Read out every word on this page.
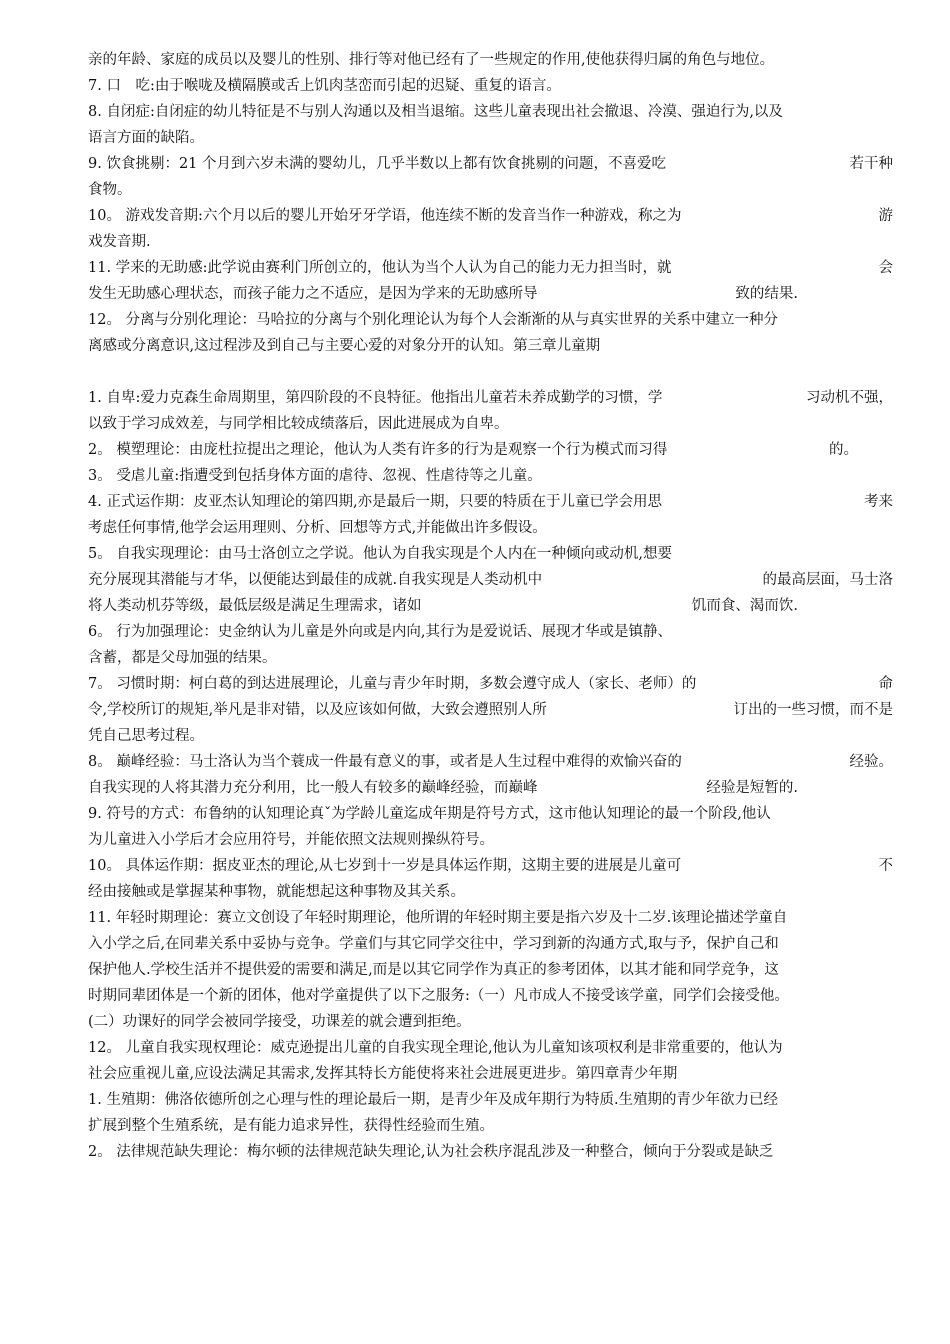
亲的年龄、家庭的成员以及婴儿的性别、排行等对他已经有了一些规定的作用,使他获得归属的角色与地位。
7. 口　吃:由于喉咙及横隔膜或舌上饥肉茎峦而引起的迟疑、重复的语言。
8. 自闭症:自闭症的幼儿特征是不与别人沟通以及相当退缩。这些儿童表现出社会撤退、冷漠、强迫行为,以及
语言方面的缺陷。
9. 饮食挑剔：21 个月到六岁未满的婴幼儿，几乎半数以上都有饮食挑剔的问题，不喜爱吃	若干种
食物。
10。 游戏发音期:六个月以后的婴儿开始牙牙学语，他连续不断的发音当作一种游戏，称之为	游
戏发音期.
11. 学来的无助感:此学说由赛利门所创立的，他认为当个人认为自己的能力无力担当时，就	会
发生无助感心理状态，而孩子能力之不适应，是因为学来的无助感所导	致的结果.
12。 分离与分别化理论：马哈拉的分离与个别化理论认为每个人会渐渐的从与真实世界的关系中建立一种分
离感或分离意识,这过程涉及到自己与主要心爱的对象分开的认知。第三章儿童期
1. 自卑:爱力克森生命周期里，第四阶段的不良特征。他指出儿童若未养成勤学的习惯，学	习动机不强，
以致于学习成效差，与同学相比较成绩落后，因此进展成为自卑。
2。 模塑理论：由庞杜拉提出之理论，他认为人类有许多的行为是观察一个行为模式而习得	的。
3。 受虐儿童:指遭受到包括身体方面的虐待、忽视、性虐待等之儿童。
4. 正式运作期：皮亚杰认知理论的第四期,亦是最后一期，只要的特质在于儿童已学会用思	考来
考虑任何事情,他学会运用理则、分析、回想等方式,并能做出许多假设。
5。 自我实现理论：由马士洛创立之学说。他认为自我实现是个人内在一种倾向或动机,想要
充分展现其潜能与才华，以便能达到最佳的成就.自我实现是人类动机中	的最高层面，马士洛
将人类动机芬等级，最低层级是满足生理需求，诸如	饥而食、渴而饮.
6。 行为加强理论：史金纳认为儿童是外向或是内向,其行为是爱说话、展现才华或是镇静、
含蓄，都是父母加强的结果。
7。 习惯时期：柯白葛的到达进展理论，儿童与青少年时期，多数会遵守成人（家长、老师）的	命
令,学校所订的规矩,举凡是非对错，以及应该如何做，大致会遵照别人所	订出的一些习惯，而不是
凭自己思考过程。
8。 巅峰经验：马士洛认为当个蓑成一件最有意义的事，或者是人生过程中难得的欢愉兴奋的	经验。
自我实现的人将其潜力充分利用，比一般人有较多的巅峰经验，而巅峰	经验是短暂的.
9. 符号的方式：布鲁纳的认知理论真ˇ为学龄儿童迄成年期是符号方式，这市他认知理论的最一个阶段,他认
为儿童进入小学后才会应用符号，并能依照文法规则操纵符号。
10。 具体运作期：据皮亚杰的理论,从七岁到十一岁是具体运作期，这期主要的进展是儿童可	不
经由接触或是掌握某种事物，就能想起这种事物及其关系。
11. 年轻时期理论：赛立文创设了年轻时期理论，他所谓的年轻时期主要是指六岁及十二岁.该理论描述学童自
入小学之后,在同辈关系中妥协与竞争。学童们与其它同学交往中，学习到新的沟通方式,取与予，保护自己和
保护他人.学校生活并不提供爱的需要和满足,而是以其它同学作为真正的参考团体，以其才能和同学竞争，这
时期同辈团体是一个新的团体，他对学童提供了以下之服务:（一）凡市成人不接受该学童，同学们会接受他。
(二）功课好的同学会被同学接受，功课差的就会遭到拒绝。
12。 儿童自我实现权理论：威克逊提出儿童的自我实现全理论,他认为儿童知该项权利是非常重要的，他认为
社会应重视儿童,应设法满足其需求,发挥其特长方能使将来社会进展更进步。第四章青少年期
1. 生殖期：佛洛依德所创之心理与性的理论最后一期，是青少年及成年期行为特质.生殖期的青少年欲力已经
扩展到整个生殖系统，是有能力追求异性，获得性经验而生殖。
2。 法律规范缺失理论：梅尔顿的法律规范缺失理论,认为社会秩序混乱涉及一种整合，倾向于分裂或是缺乏
